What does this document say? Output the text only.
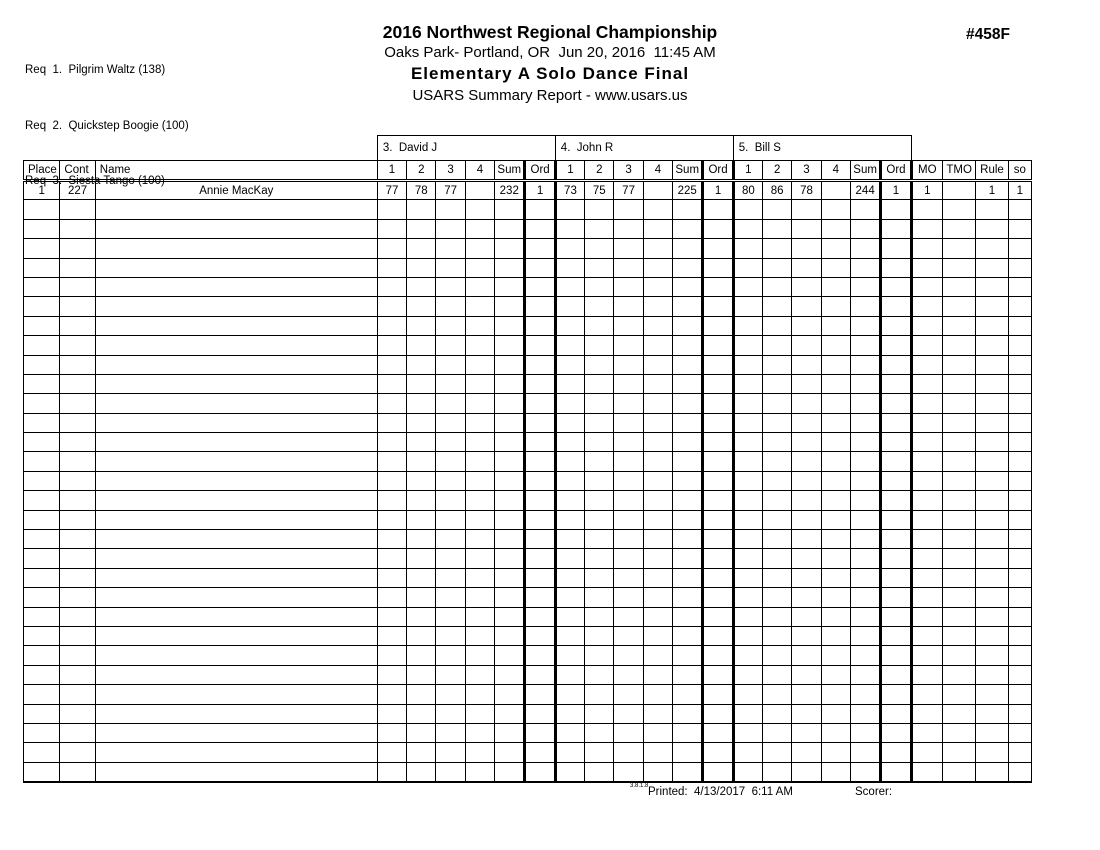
Req  1.  Pilgrim Waltz (138)

Req  2.  Quickstep Boogie (100)

Req  3.  Siesta Tango (100)

2016 Northwest Regional Championship
Oaks Park- Portland, OR  Jun 20, 2016  11:45 AM
Elementary A Solo Dance Final
USARS Summary Report - www.usars.us
#458F
			3.  David J						4.  John R						5.  Bill S									
Place	Cont	Name	1	2	3	4	Sum	Ord	1	2	3	4	Sum	Ord	1	2	3	4	Sum	Ord	MO	TMO	Rule	so
1	227	Annie MacKay	77	78	77		232	1	73	75	77		225	1	80	86	78		244	1	1		1	1

3.8.1.8 Printed:  4/13/2017  6:11 AM	Scorer:
